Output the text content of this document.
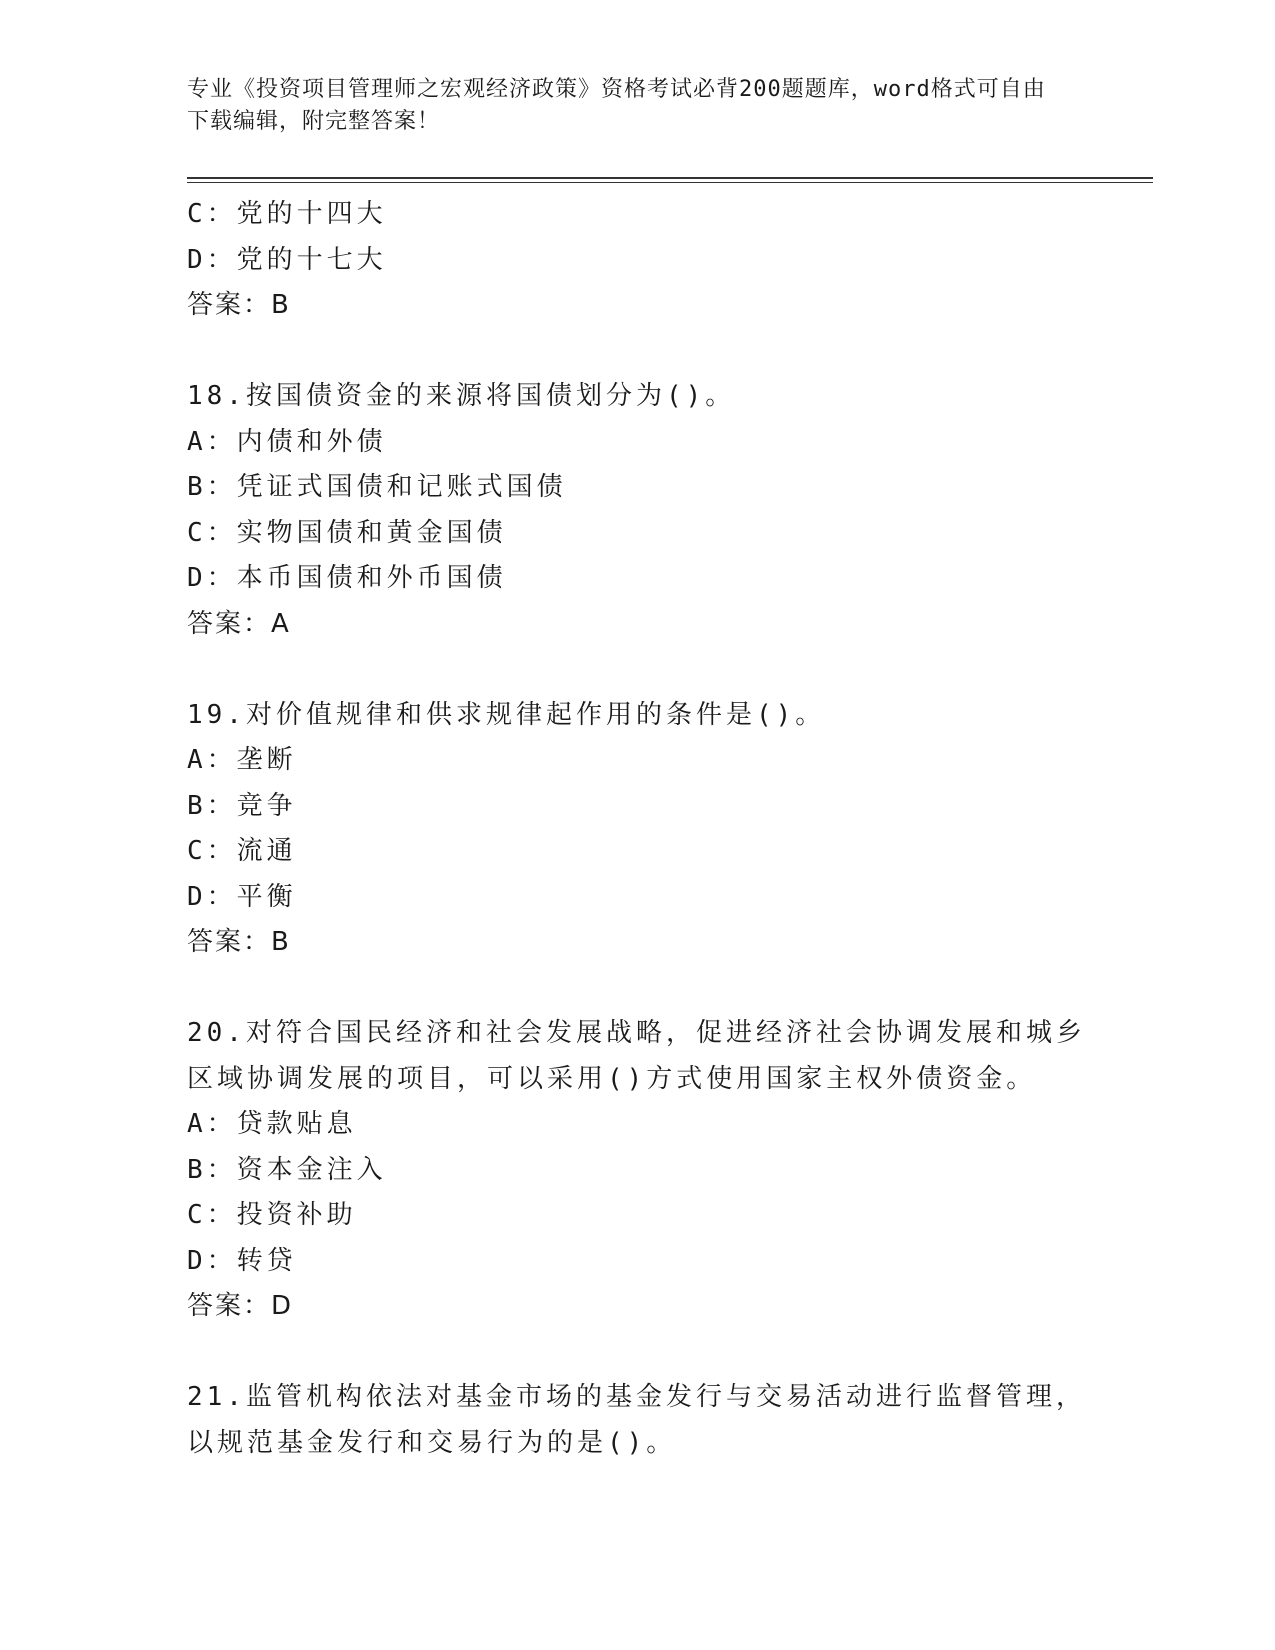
专业《投资项目管理师之宏观经济政策》资格考试必背200题题库，word格式可自由下载编辑，附完整答案！
C：党的十四大
D：党的十七大
答案：B
18.按国债资金的来源将国债划分为()。
A：内债和外债
B：凭证式国债和记账式国债
C：实物国债和黄金国债
D：本币国债和外币国债
答案：A
19.对价值规律和供求规律起作用的条件是()。
A：垄断
B：竞争
C：流通
D：平衡
答案：B
20.对符合国民经济和社会发展战略，促进经济社会协调发展和城乡区域协调发展的项目，可以采用()方式使用国家主权外债资金。
A：贷款贴息
B：资本金注入
C：投资补助
D：转贷
答案：D
21.监管机构依法对基金市场的基金发行与交易活动进行监督管理，以规范基金发行和交易行为的是()。
